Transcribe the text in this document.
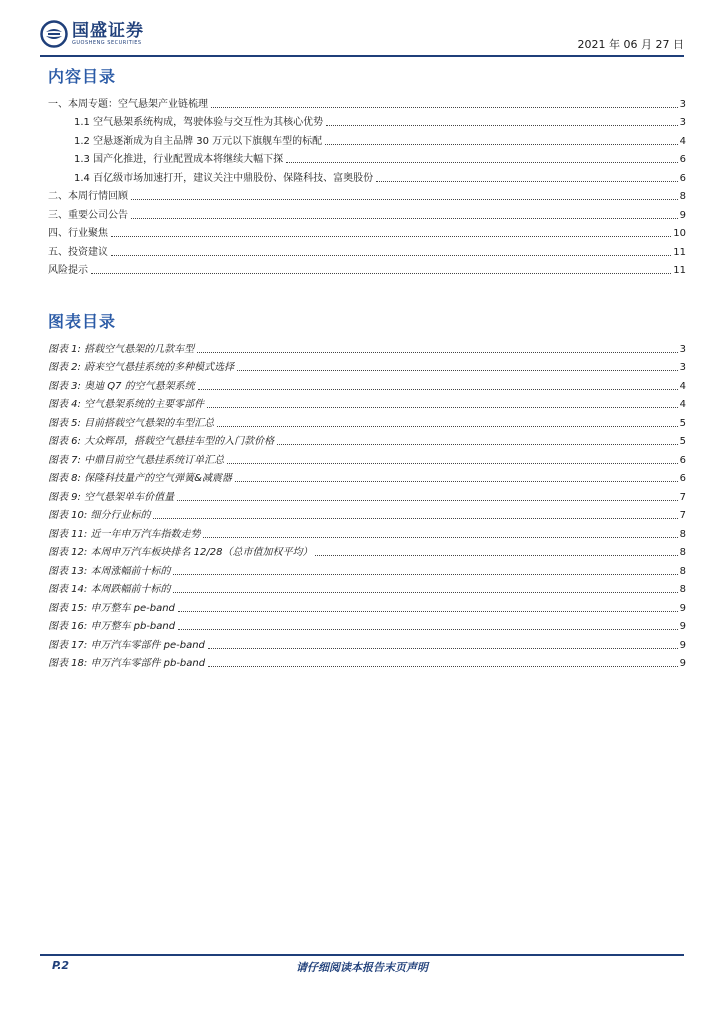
国盛证券
GUOSHENG SECURITIES	2021 年 06 月 27 日
内容目录
一、本周专题：空气悬架产业链梳理	3
1.1 空气悬架系统构成，驾驶体验与交互性为其核心优势	3
1.2 空悬逐渐成为自主品牌 30 万元以下旗舰车型的标配	4
1.3 国产化推进，行业配置成本将继续大幅下探	6
1.4 百亿级市场加速打开，建议关注中鼎股份、保隆科技、富奥股份	6
二、本周行情回顾	8
三、重要公司公告	9
四、行业聚焦	10
五、投资建议	11
风险提示	11
图表目录
图表 1: 搭载空气悬架的几款车型	3
图表 2: 蔚来空气悬挂系统的多种模式选择	3
图表 3: 奥迪 Q7 的空气悬架系统	4
图表 4: 空气悬架系统的主要零部件	4
图表 5: 目前搭载空气悬架的车型汇总	5
图表 6: 大众辉昂，搭载空气悬挂车型的入门款价格	5
图表 7: 中鼎目前空气悬挂系统订单汇总	6
图表 8: 保隆科技量产的空气弹簧&减震器	6
图表 9: 空气悬架单车价值量	7
图表 10: 细分行业标的	7
图表 11: 近一年申万汽车指数走势	8
图表 12: 本周申万汽车板块排名 12/28（总市值加权平均）	8
图表 13: 本周涨幅前十标的	8
图表 14: 本周跌幅前十标的	8
图表 15: 申万整车 pe-band	9
图表 16: 申万整车 pb-band	9
图表 17: 申万汽车零部件 pe-band	9
图表 18: 申万汽车零部件 pb-band	9
P.2	请仔细阅读本报告末页声明
